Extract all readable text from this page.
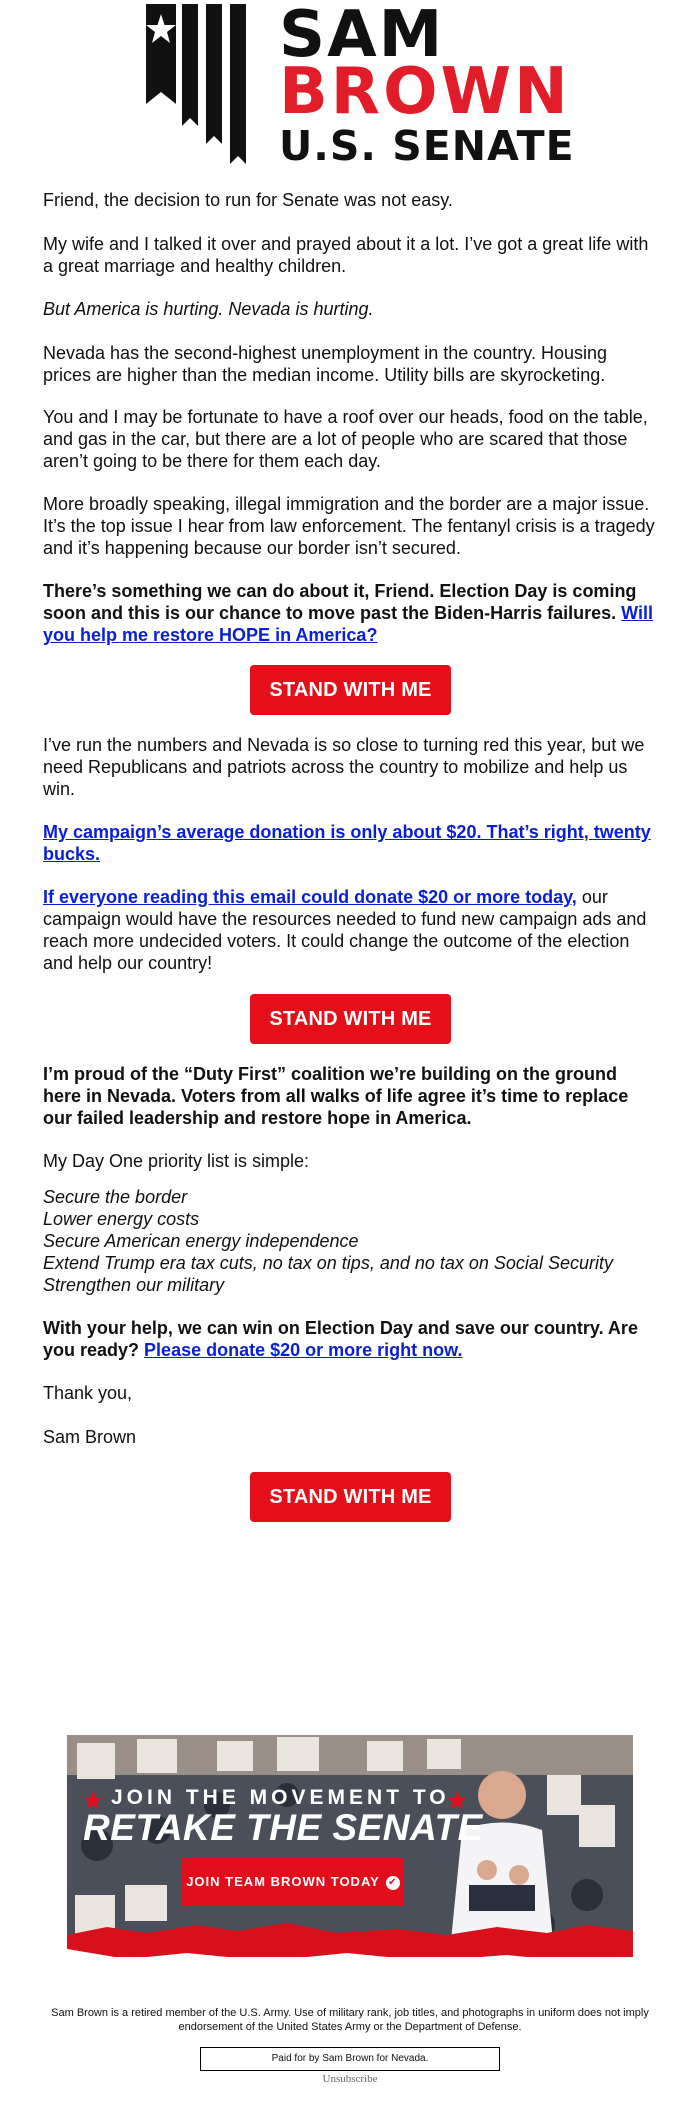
SAM
BROWN
U.S. SENATE

Friend, the decision to run for Senate was not easy.

My wife and I talked it over and prayed about it a lot. I’ve got a great life with a great marriage and healthy children.

But America is hurting. Nevada is hurting.

Nevada has the second-highest unemployment in the country. Housing prices are higher than the median income. Utility bills are skyrocketing.

You and I may be fortunate to have a roof over our heads, food on the table, and gas in the car, but there are a lot of people who are scared that those aren’t going to be there for them each day.

More broadly speaking, illegal immigration and the border are a major issue. It’s the top issue I hear from law enforcement. The fentanyl crisis is a tragedy and it’s happening because our border isn’t secured.

There’s something we can do about it, Friend. Election Day is coming soon and this is our chance to move past the Biden-Harris failures. Will you help me restore HOPE in America?

STAND WITH ME

I’ve run the numbers and Nevada is so close to turning red this year, but we need Republicans and patriots across the country to mobilize and help us win.

My campaign’s average donation is only about $20. That’s right, twenty bucks.

If everyone reading this email could donate $20 or more today, our campaign would have the resources needed to fund new campaign ads and reach more undecided voters. It could change the outcome of the election and help our country!

STAND WITH ME

I’m proud of the “Duty First” coalition we’re building on the ground here in Nevada. Voters from all walks of life agree it’s time to replace our failed leadership and restore hope in America.

My Day One priority list is simple:

Secure the border
Lower energy costs
Secure American energy independence
Extend Trump era tax cuts, no tax on tips, and no tax on Social Security
Strengthen our military

With your help, we can win on Election Day and save our country. Are you ready? Please donate $20 or more right now.

Thank you,

Sam Brown

STAND WITH ME
JOIN THE MOVEMENT TO
RETAKE THE SENATE
JOIN TEAM BROWN TODAY ✔

Sam Brown is a retired member of the U.S. Army. Use of military rank, job titles, and photographs in uniform does not imply endorsement of the United States Army or the Department of Defense.

Paid for by Sam Brown for Nevada.
Unsubscribe
